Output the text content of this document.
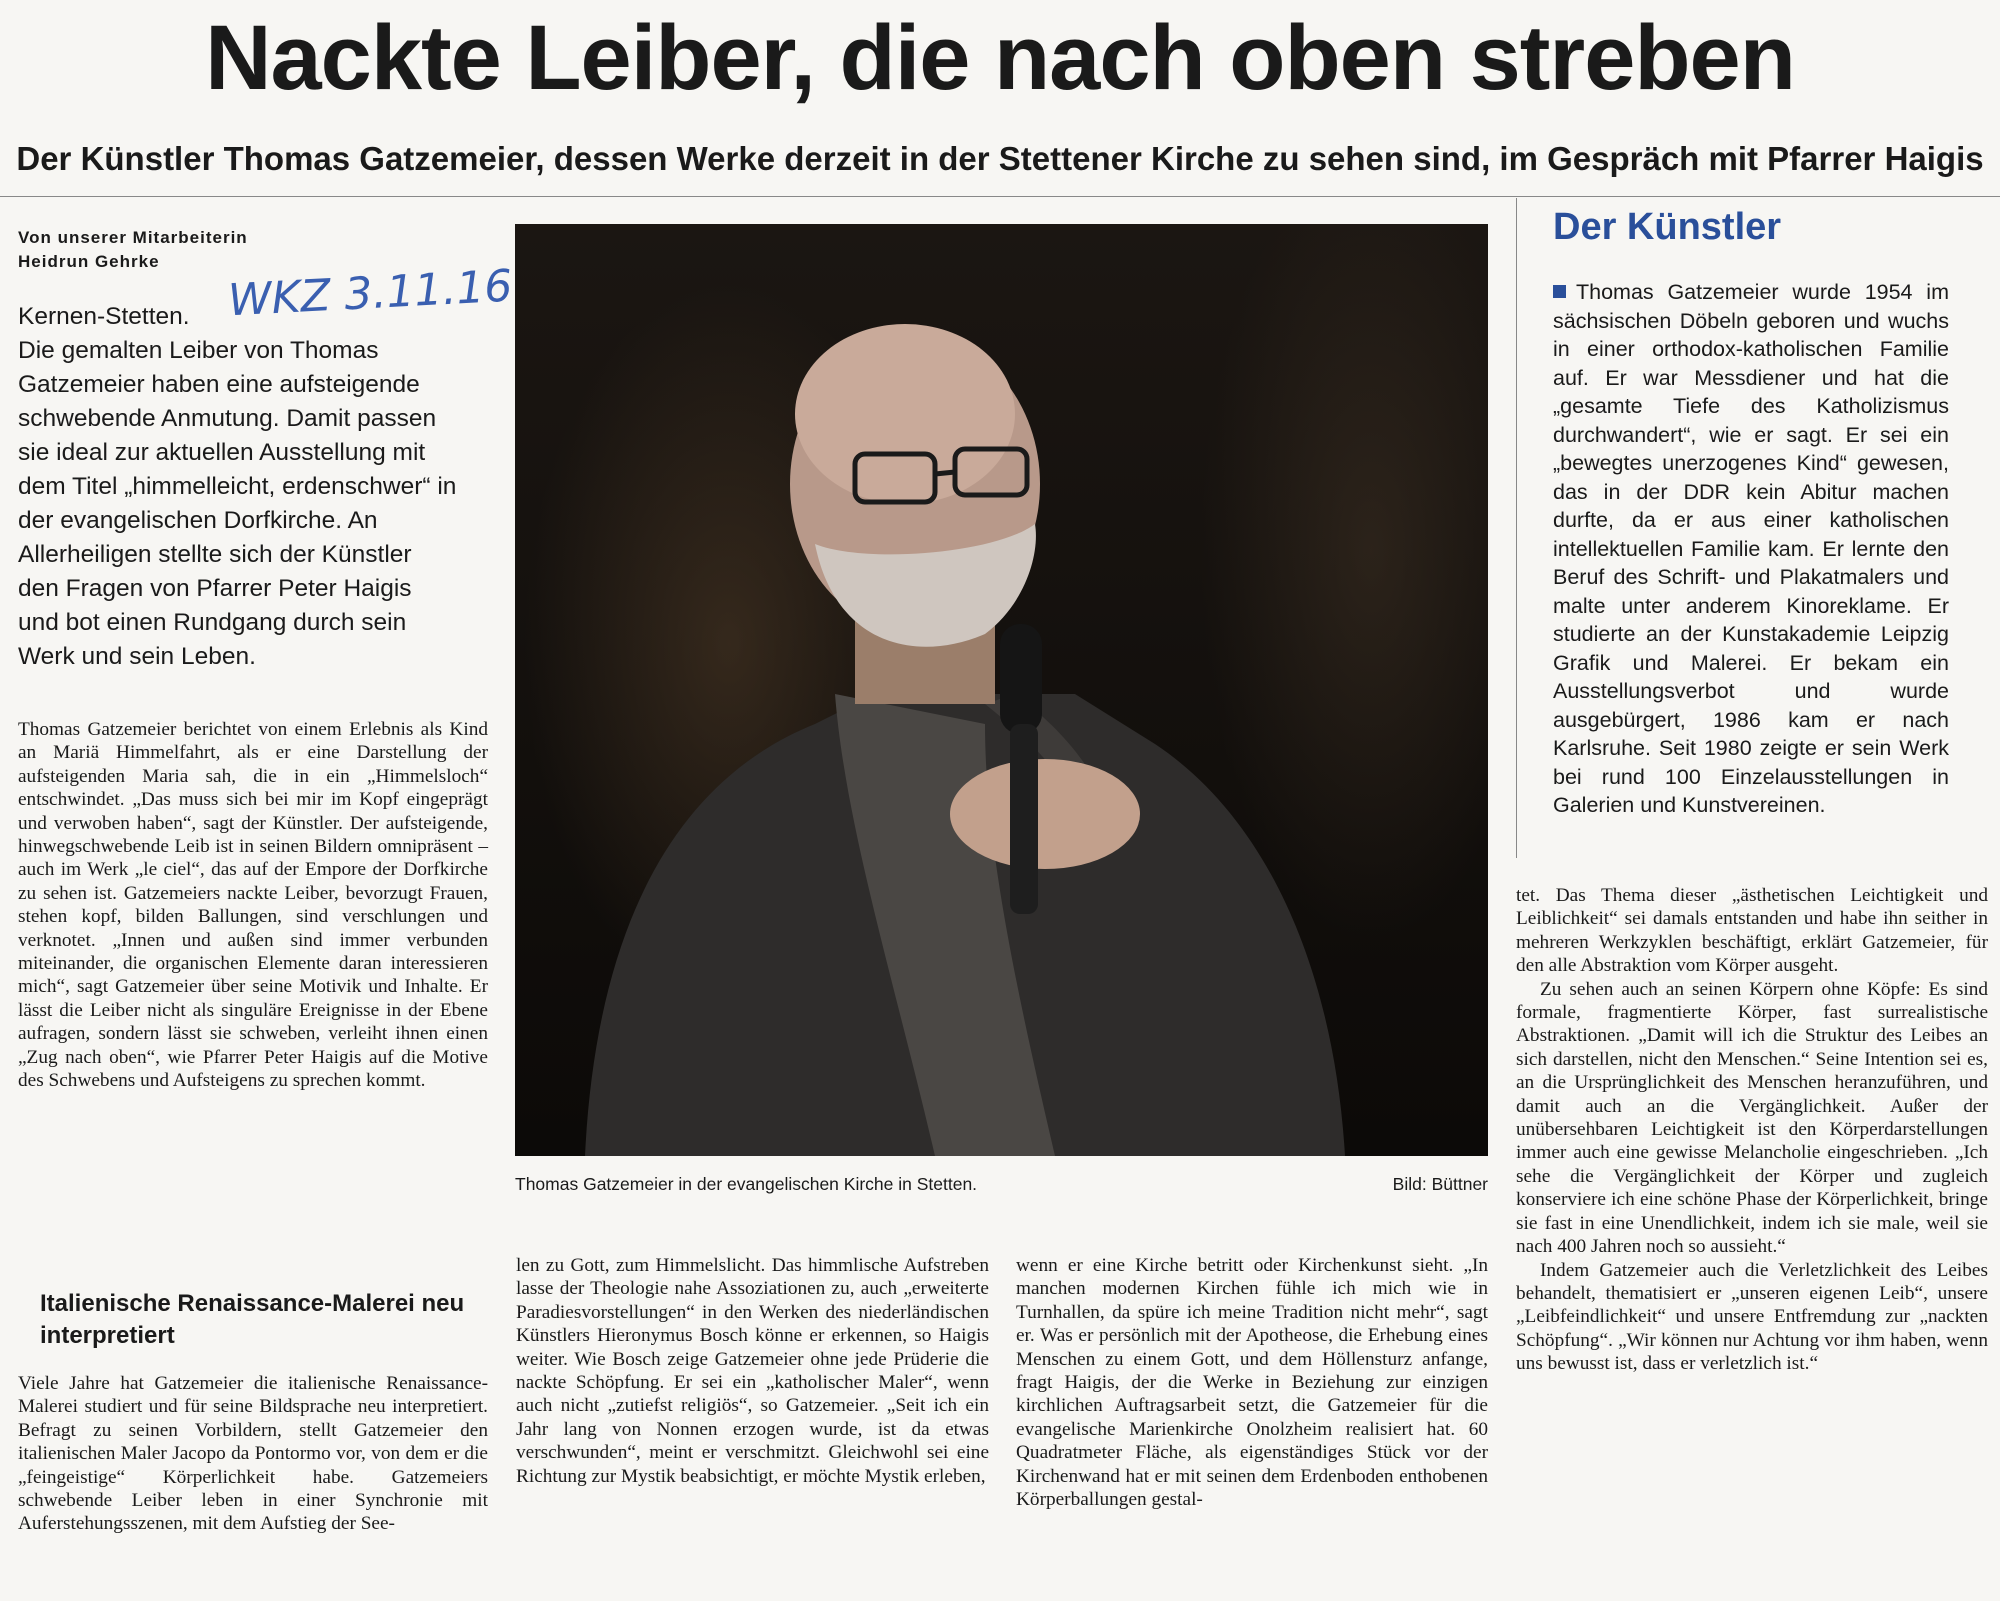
Nackte Leiber, die nach oben streben
Der Künstler Thomas Gatzemeier, dessen Werke derzeit in der Stettener Kirche zu sehen sind, im Gespräch mit Pfarrer Haigis
Von unserer Mitarbeiterin
Heidrun Gehrke	WKZ 3.11.16
Kernen-Stetten.
Die gemalten Leiber von Thomas Gatzemeier haben eine aufsteigende schwebende Anmutung. Damit passen sie ideal zur aktuellen Ausstellung mit dem Titel „himmelleicht, erdenschwer“ in der evangelischen Dorfkirche. An Allerheiligen stellte sich der Künstler den Fragen von Pfarrer Peter Haigis und bot einen Rundgang durch sein Werk und sein Leben.

Thomas Gatzemeier berichtet von einem Erlebnis als Kind an Mariä Himmelfahrt, als er eine Darstellung der aufsteigenden Maria sah, die in ein „Himmelsloch“ entschwindet. „Das muss sich bei mir im Kopf eingeprägt und verwoben haben“, sagt der Künstler. Der aufsteigende, hinwegschwebende Leib ist in seinen Bildern omnipräsent – auch im Werk „le ciel“, das auf der Empore der Dorfkirche zu sehen ist. Gatzemeiers nackte Leiber, bevorzugt Frauen, stehen kopf, bilden Ballungen, sind verschlungen und verknotet. „Innen und außen sind immer verbunden miteinander, die organischen Elemente daran interessieren mich“, sagt Gatzemeier über seine Motivik und Inhalte. Er lässt die Leiber nicht als singuläre Ereignisse in der Ebene aufragen, sondern lässt sie schweben, verleiht ihnen einen „Zug nach oben“, wie Pfarrer Peter Haigis auf die Motive des Schwebens und Aufsteigens zu sprechen kommt.

Italienische Renaissance-Malerei neu interpretiert

Viele Jahre hat Gatzemeier die italienische Renaissance-Malerei studiert und für seine Bildsprache neu interpretiert. Befragt zu seinen Vorbildern, stellt Gatzemeier den italienischen Maler Jacopo da Pontormo vor, von dem er die „feingeistige“ Körperlichkeit habe. Gatzemeiers schwebende Leiber leben in einer Synchronie mit Auferstehungsszenen, mit dem Aufstieg der See-

Thomas Gatzemeier in der evangelischen Kirche in Stetten.	Bild: Büttner

len zu Gott, zum Himmelslicht. Das himmlische Aufstreben lasse der Theologie nahe Assoziationen zu, auch „erweiterte Paradiesvorstellungen“ in den Werken des niederländischen Künstlers Hieronymus Bosch könne er erkennen, so Haigis weiter. Wie Bosch zeige Gatzemeier ohne jede Prüderie die nackte Schöpfung. Er sei ein „katholischer Maler“, wenn auch nicht „zutiefst religiös“, so Gatzemeier. „Seit ich ein Jahr lang von Nonnen erzogen wurde, ist da etwas verschwunden“, meint er verschmitzt. Gleichwohl sei eine Richtung zur Mystik beabsichtigt, er möchte Mystik erleben,

wenn er eine Kirche betritt oder Kirchenkunst sieht. „In manchen modernen Kirchen fühle ich mich wie in Turnhallen, da spüre ich meine Tradition nicht mehr“, sagt er. Was er persönlich mit der Apotheose, die Erhebung eines Menschen zu einem Gott, und dem Höllensturz anfange, fragt Haigis, der die Werke in Beziehung zur einzigen kirchlichen Auftragsarbeit setzt, die Gatzemeier für die evangelische Marienkirche Onolzheim realisiert hat. 60 Quadratmeter Fläche, als eigenständiges Stück vor der Kirchenwand hat er mit seinen dem Erdenboden enthobenen Körperballungen gestal-

tet. Das Thema dieser „ästhetischen Leichtigkeit und Leiblichkeit“ sei damals entstanden und habe ihn seither in mehreren Werkzyklen beschäftigt, erklärt Gatzemeier, für den alle Abstraktion vom Körper ausgeht.

Zu sehen auch an seinen Körpern ohne Köpfe: Es sind formale, fragmentierte Körper, fast surrealistische Abstraktionen. „Damit will ich die Struktur des Leibes an sich darstellen, nicht den Menschen.“ Seine Intention sei es, an die Ursprünglichkeit des Menschen heranzuführen, und damit auch an die Vergänglichkeit. Außer der unübersehbaren Leichtigkeit ist den Körperdarstellungen immer auch eine gewisse Melancholie eingeschrieben. „Ich sehe die Vergänglichkeit der Körper und zugleich konserviere ich eine schöne Phase der Körperlichkeit, bringe sie fast in eine Unendlichkeit, indem ich sie male, weil sie nach 400 Jahren noch so aussieht.“

Indem Gatzemeier auch die Verletzlichkeit des Leibes behandelt, thematisiert er „unseren eigenen Leib“, unsere „Leibfeindlichkeit“ und unsere Entfremdung zur „nackten Schöpfung“. „Wir können nur Achtung vor ihm haben, wenn uns bewusst ist, dass er verletzlich ist.“

Der Künstler
Thomas Gatzemeier wurde 1954 im sächsischen Döbeln geboren und wuchs in einer orthodox-katholischen Familie auf. Er war Messdiener und hat die „gesamte Tiefe des Katholizismus durchwandert“, wie er sagt. Er sei ein „bewegtes unerzogenes Kind“ gewesen, das in der DDR kein Abitur machen durfte, da er aus einer katholischen intellektuellen Familie kam. Er lernte den Beruf des Schrift- und Plakatmalers und malte unter anderem Kinoreklame. Er studierte an der Kunstakademie Leipzig Grafik und Malerei. Er bekam ein Ausstellungsverbot und wurde ausgebürgert, 1986 kam er nach Karlsruhe. Seit 1980 zeigte er sein Werk bei rund 100 Einzelausstellungen in Galerien und Kunstvereinen.
